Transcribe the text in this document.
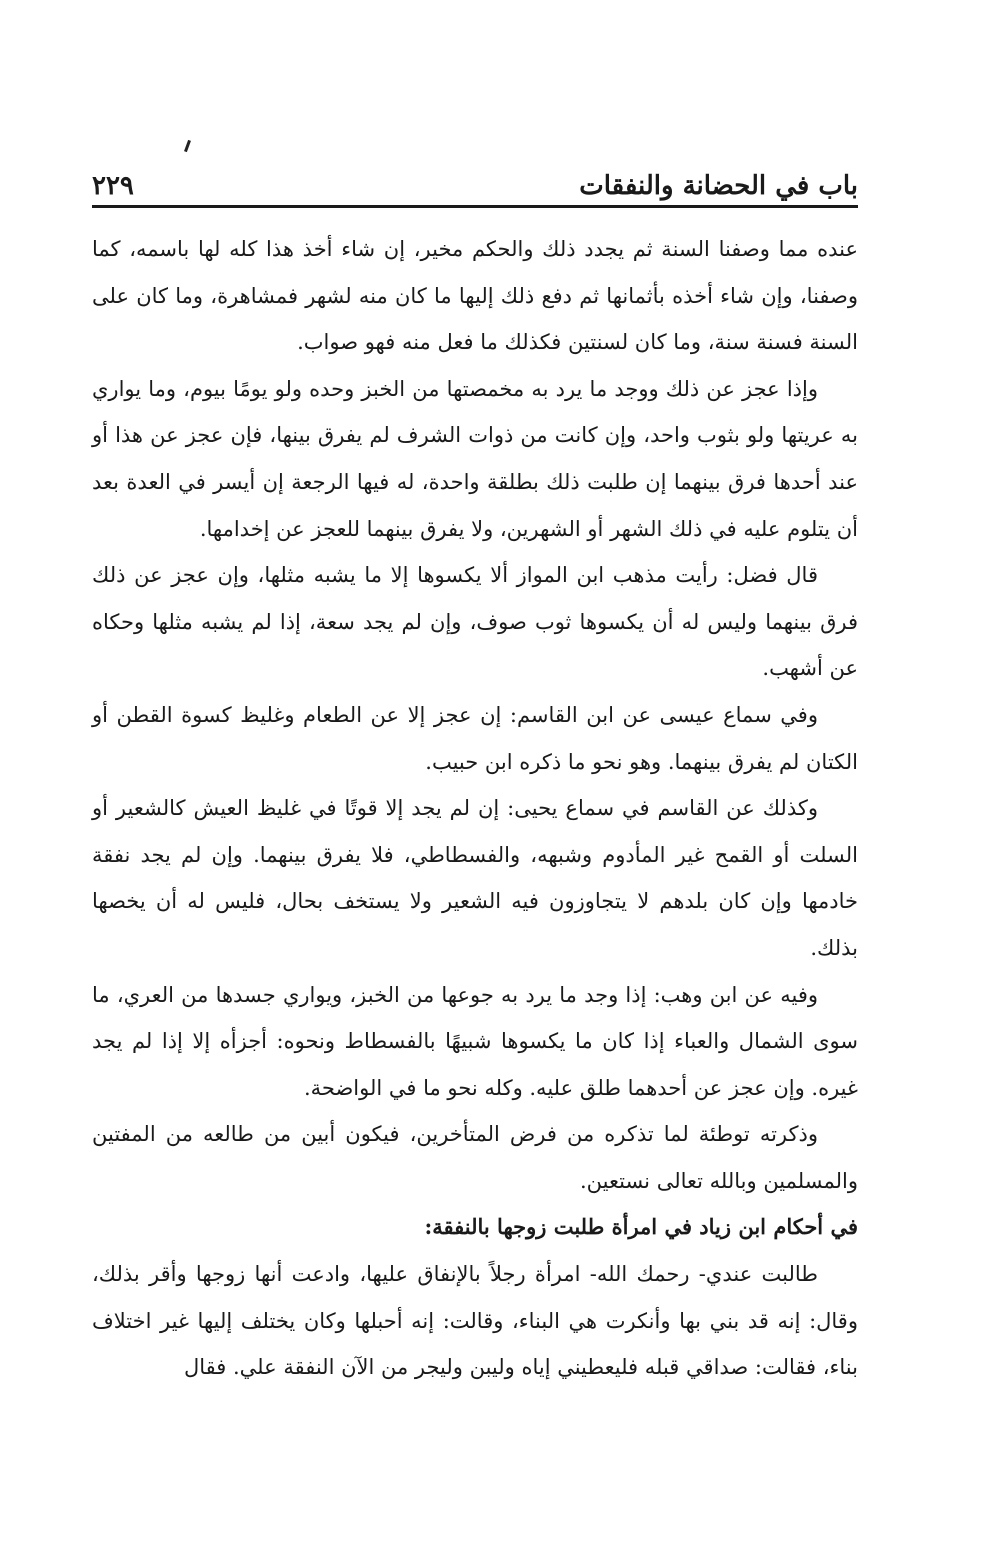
باب في الحضانة والنفقات
٢٢٩

عنده مما وصفنا السنة ثم يجدد ذلك والحكم مخير، إن شاء أخذ هذا كله لها باسمه، كما وصفنا، وإن شاء أخذه بأثمانها ثم دفع ذلك إليها ما كان منه لشهر فمشاهرة، وما كان على السنة فسنة سنة، وما كان لسنتين فكذلك ما فعل منه فهو صواب.

وإذا عجز عن ذلك ووجد ما يرد به مخمصتها من الخبز وحده ولو يومًا بيوم، وما يواري به عريتها ولو بثوب واحد، وإن كانت من ذوات الشرف لم يفرق بينها، فإن عجز عن هذا أو عند أحدها فرق بينهما إن طلبت ذلك بطلقة واحدة، له فيها الرجعة إن أيسر في العدة بعد أن يتلوم عليه في ذلك الشهر أو الشهرين، ولا يفرق بينهما للعجز عن إخدامها.

قال فضل: رأيت مذهب ابن المواز ألا يكسوها إلا ما يشبه مثلها، وإن عجز عن ذلك فرق بينهما وليس له أن يكسوها ثوب صوف، وإن لم يجد سعة، إذا لم يشبه مثلها وحكاه عن أشهب.

وفي سماع عيسى عن ابن القاسم: إن عجز إلا عن الطعام وغليظ كسوة القطن أو الكتان لم يفرق بينهما. وهو نحو ما ذكره ابن حبيب.

وكذلك عن القاسم في سماع يحيى: إن لم يجد إلا قوتًا في غليظ العيش كالشعير أو السلت أو القمح غير المأدوم وشبهه، والفسطاطي، فلا يفرق بينهما. وإن لم يجد نفقة خادمها وإن كان بلدهم لا يتجاوزون فيه الشعير ولا يستخف بحال، فليس له أن يخصها بذلك.

وفيه عن ابن وهب: إذا وجد ما يرد به جوعها من الخبز، ويواري جسدها من العري، ما سوى الشمال والعباء إذا كان ما يكسوها شبيهًا بالفسطاط ونحوه: أجزأه إلا إذا لم يجد غيره. وإن عجز عن أحدهما طلق عليه. وكله نحو ما في الواضحة.

وذكرته توطئة لما تذكره من فرض المتأخرين، فيكون أبين من طالعه من المفتين والمسلمين وبالله تعالى نستعين.

في أحكام ابن زياد في امرأة طلبت زوجها بالنفقة:

طالبت عندي- رحمك الله- امرأة رجلاً بالإنفاق عليها، وادعت أنها زوجها وأقر بذلك، وقال: إنه قد بني بها وأنكرت هي البناء، وقالت: إنه أحبلها وكان يختلف إليها غير اختلاف بناء، فقالت: صداقي قبله فليعطيني إياه وليبن وليجر من الآن النفقة علي. فقال
